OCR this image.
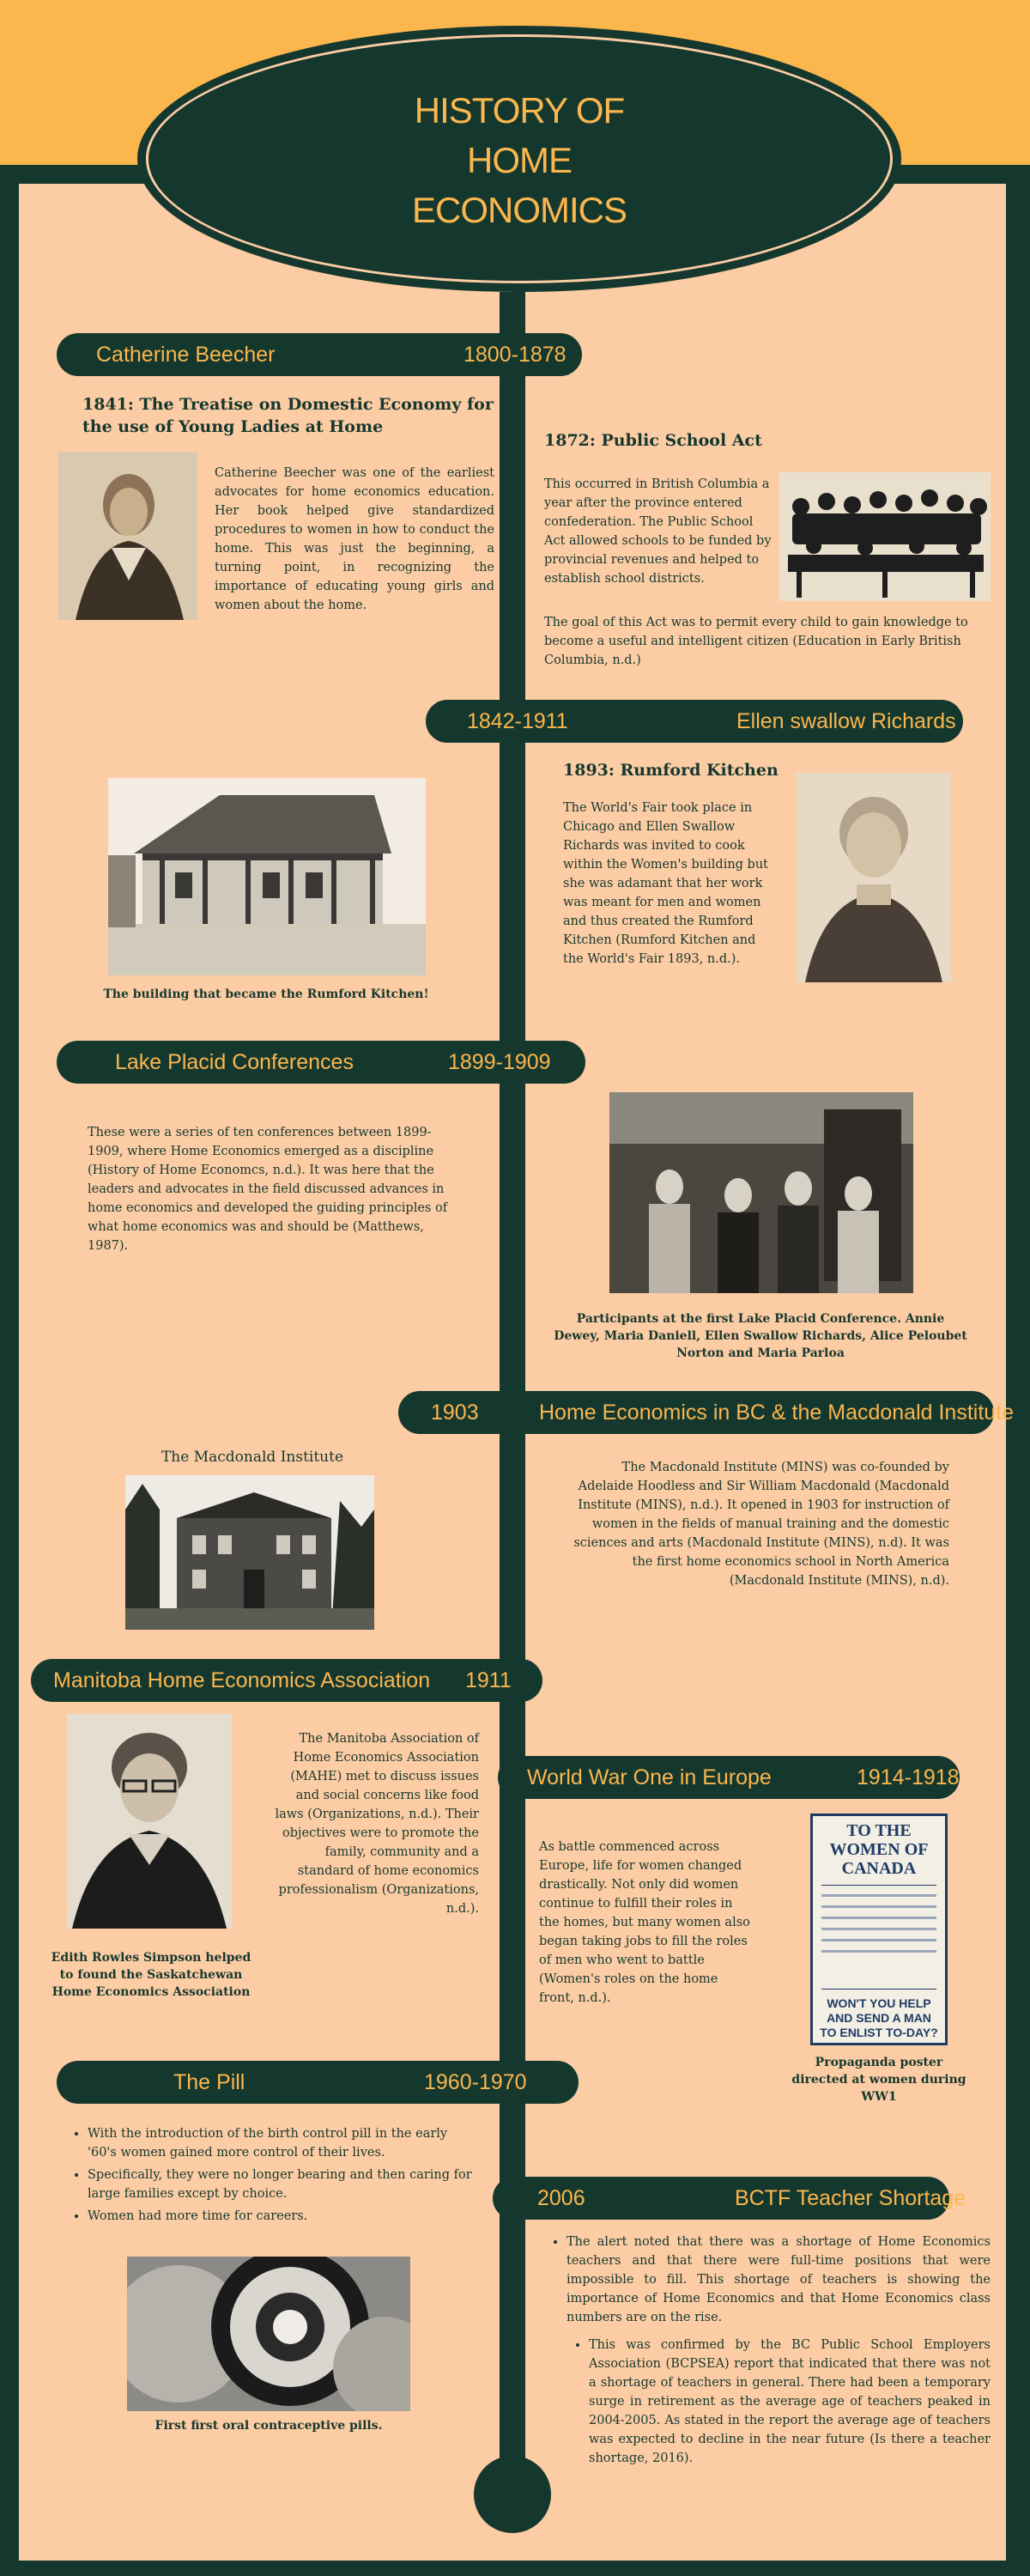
HISTORY OF
HOME
ECONOMICS
Catherine Beecher	1800-1878
1841: The Treatise on Domestic Economy for the use of Young Ladies at Home
Catherine Beecher was one of the earliest advocates for home economics education. Her book helped give standardized procedures to women in how to conduct the home. This was just the beginning, a turning point, in recognizing the importance of educating young girls and women about the home.
1872: Public School Act
This occurred in British Columbia a year after the province entered confederation. The Public School Act allowed schools to be funded by provincial revenues and helped to establish school districts.
The goal of this Act was to permit every child to gain knowledge to become a useful and intelligent citizen (Education in Early British Columbia, n.d.)
1842-1911	Ellen swallow Richards
1893: Rumford Kitchen
The World's Fair took place in Chicago and Ellen Swallow Richards was invited to cook within the Women's building but she was adamant that her work was meant for men and women and thus created the Rumford Kitchen (Rumford Kitchen and the World's Fair 1893, n.d.).
The building that became the Rumford Kitchen!
Lake Placid Conferences	1899-1909
These were a series of ten conferences between 1899-1909, where Home Economics emerged as a discipline (History of Home Economcs, n.d.). It was here that the leaders and advocates in the field discussed advances in home economics and developed the guiding principles of what home economics was and should be (Matthews, 1987).
Participants at the first Lake Placid Conference. Annie Dewey, Maria Daniell, Ellen Swallow Richards, Alice Peloubet Norton and Maria Parloa
1903	Home Economics in BC & the Macdonald Institute
The Macdonald Institute
The Macdonald Institute (MINS) was co-founded by Adelaide Hoodless and Sir William Macdonald (Macdonald Institute (MINS), n.d.). It opened in 1903 for instruction of women in the fields of manual training and the domestic sciences and arts (Macdonald Institute (MINS), n.d). It was the first home economics school in North America (Macdonald Institute (MINS), n.d).
Manitoba Home Economics Association 1911
Edith Rowles Simpson helped to found the Saskatchewan Home Economics Association
The Manitoba Association of Home Economics Association (MAHE) met to discuss issues and social concerns like food laws (Organizations, n.d.). Their objectives were to promote the family, community and a standard of home economics professionalism (Organizations, n.d.).
World War One in Europe	1914-1918
As battle commenced across Europe, life for women changed drastically. Not only did women continue to fulfill their roles in the homes, but many women also began taking jobs to fill the roles of men who went to battle (Women's roles on the home front, n.d.).
TO THE WOMEN OF CANADA
WON'T YOU HELP AND SEND A MAN TO ENLIST TO-DAY?
Propaganda poster directed at women during WW1
The Pill	1960-1970
• With the introduction of the birth control pill in the early '60's women gained more control of their lives.
• Specifically, they were no longer bearing and then caring for large families except by choice.
• Women had more time for careers.
First first oral contraceptive pills.
2006	BCTF Teacher Shortage
• The alert noted that there was a shortage of Home Economics teachers and that there were full-time positions that were impossible to fill. This shortage of teachers is showing the importance of Home Economics and that Home Economics class numbers are on the rise.
• This was confirmed by the BC Public School Employers Association (BCPSEA) report that indicated that there was not a shortage of teachers in general. There had been a temporary surge in retirement as the average age of teachers peaked in 2004-2005. As stated in the report the average age of teachers was expected to decline in the near future (Is there a teacher shortage, 2016).
